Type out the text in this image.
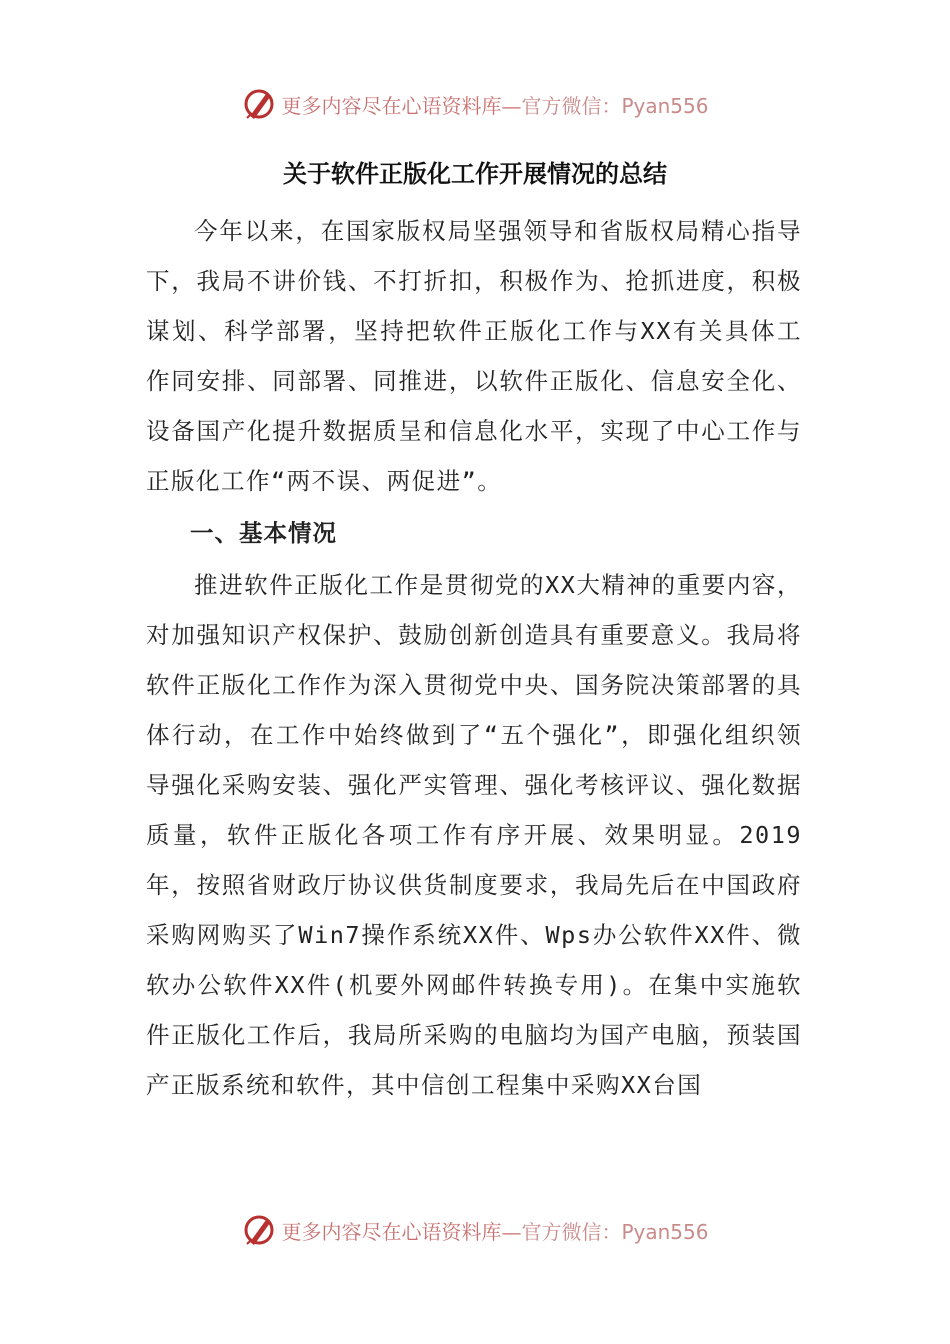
更多内容尽在心语资料库—官方微信：Pyan556
关于软件正版化工作开展情况的总结

今年以来，在国家版权局坚强领导和省版权局精心指导下，我局不讲价钱、不打折扣，积极作为、抢抓进度，积极谋划、科学部署，坚持把软件正版化工作与XX有关具体工作同安排、同部署、同推进，以软件正版化、信息安全化、设备国产化提升数据质呈和信息化水平，实现了中心工作与正版化工作“两不误、两促进”。

一、基本情况

推进软件正版化工作是贯彻党的XX大精神的重要内容，对加强知识产权保护、鼓励创新创造具有重要意义。我局将软件正版化工作作为深入贯彻党中央、国务院决策部署的具体行动，在工作中始终做到了“五个强化”，即强化组织领导强化采购安装、强化严实管理、强化考核评议、强化数据质量，软件正版化各项工作有序开展、效果明显。2019年，按照省财政厅协议供货制度要求，我局先后在中国政府采购网购买了Win7操作系统XX件、Wps办公软件XX件、微软办公软件XX件(机要外网邮件转换专用)。在集中实施软件正版化工作后，我局所采购的电脑均为国产电脑，预装国产正版系统和软件，其中信创工程集中采购XX台国

更多内容尽在心语资料库—官方微信：Pyan556
